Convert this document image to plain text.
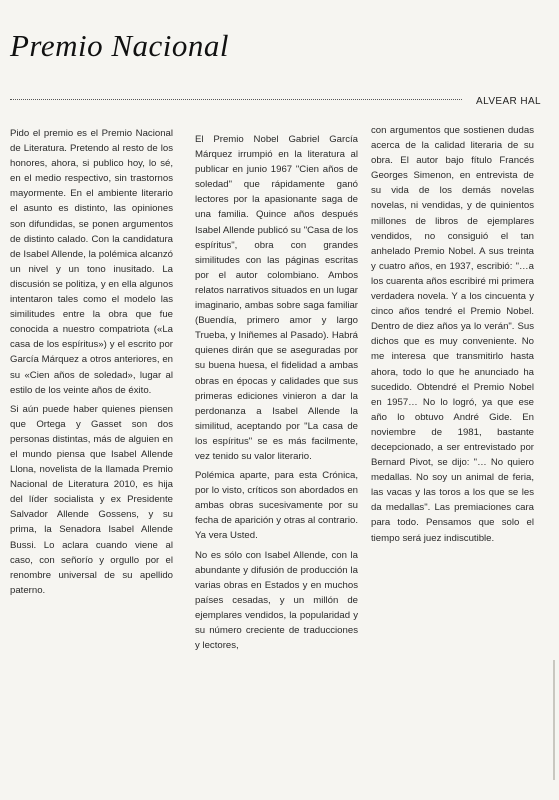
Premio Nacional
ALVEAR HAL

Pido el premio es el Premio Nacional de Literatura. Pretendo al resto de los honores, ahora, si publico hoy, lo sé, en el medio respectivo, sin trastornos mayormente. En el ambiente literario el asunto es distinto, las opiniones son difundidas, se ponen argumentos de distinto calado. Con la candidatura de Isabel Allende, la polémica alcanzó un nivel y un tono inusitado. La discusión se politiza, y en ella algunos intentaron tales como el modelo las similitudes entre la obra que fue conocida a nuestro compatriota («La casa de los espíritus») y el escrito por García Márquez a otros anteriores, en su «Cien años de soledad», lugar al estilo de los veinte años de éxito.

Si aún puede haber quienes piensen que Ortega y Gasset son dos personas distintas, más de alguien en el mundo piensa que Isabel Allende Llona, novelista de la llamada Premio Nacional de Literatura 2010, es hija del líder socialista y ex Presidente Salvador Allende Gossens, y su prima, la Senadora Isabel Allende Bussi. Lo aclara cuando viene al caso, con señorío y orgullo por el renombre universal de su apellido paterno.

El Premio Nobel Gabriel García Márquez irrumpió en la literatura al publicar en junio 1967 "Cien años de soledad" que rápidamente ganó lectores por la apasionante saga de una familia. Quince años después Isabel Allende publicó su "Casa de los espíritus", obra con grandes similitudes con las páginas escritas por el autor colombiano. Ambos relatos narrativos situados en un lugar imaginario, ambas sobre saga familiar (Buendía, primero amor y largo Trueba, y Iniñemes al Pasado). Habrá quienes dirán que se aseguradas por su buena huesa, el fidelidad a ambas obras en épocas y calidades que sus primeras ediciones vinieron a dar la perdonanza a Isabel Allende la similitud, aceptando por "La casa de los espíritus" se es más facilmente, vez tenido su valor literario.

Polémica aparte, para esta Crónica, por lo visto, críticos son abordados en ambas obras sucesivamente por su fecha de aparición y otras al contrario. Ya vera Usted.

No es sólo con Isabel Allende, con la abundante y difusión de producción la varias obras en Estados y en muchos países cesadas, y un millón de ejemplares vendidos, la popularidad y su número creciente de traducciones y lectores,

con argumentos que sostienen dudas acerca de la calidad literaria de su obra. El autor bajo fítulo Francés Georges Simenon, en entrevista de su vida de los demás novelas novelas, ni vendidas, y de quinientos millones de libros de ejemplares vendidos, no consiguió el tan anhelado Premio Nobel. A sus treinta y cuatro años, en 1937, escribió: "…a los cuarenta años escribiré mi primera verdadera novela. Y a los cincuenta y cinco años tendré el Premio Nobel. Dentro de diez años ya lo verán". Sus dichos que es muy conveniente. No me interesa que transmitirlo hasta ahora, todo lo que he anunciado ha sucedido. Obtendré el Premio Nobel en 1957… No lo logró, ya que ese año lo obtuvo André Gide. En noviembre de 1981, bastante decepcionado, a ser entrevistado por Bernard Pivot, se dijo: "… No quiero medallas. No soy un animal de feria, las vacas y las toros a los que se les da medallas". Las premiaciones cara para todo. Pensamos que solo el tiempo será juez indiscutible.
